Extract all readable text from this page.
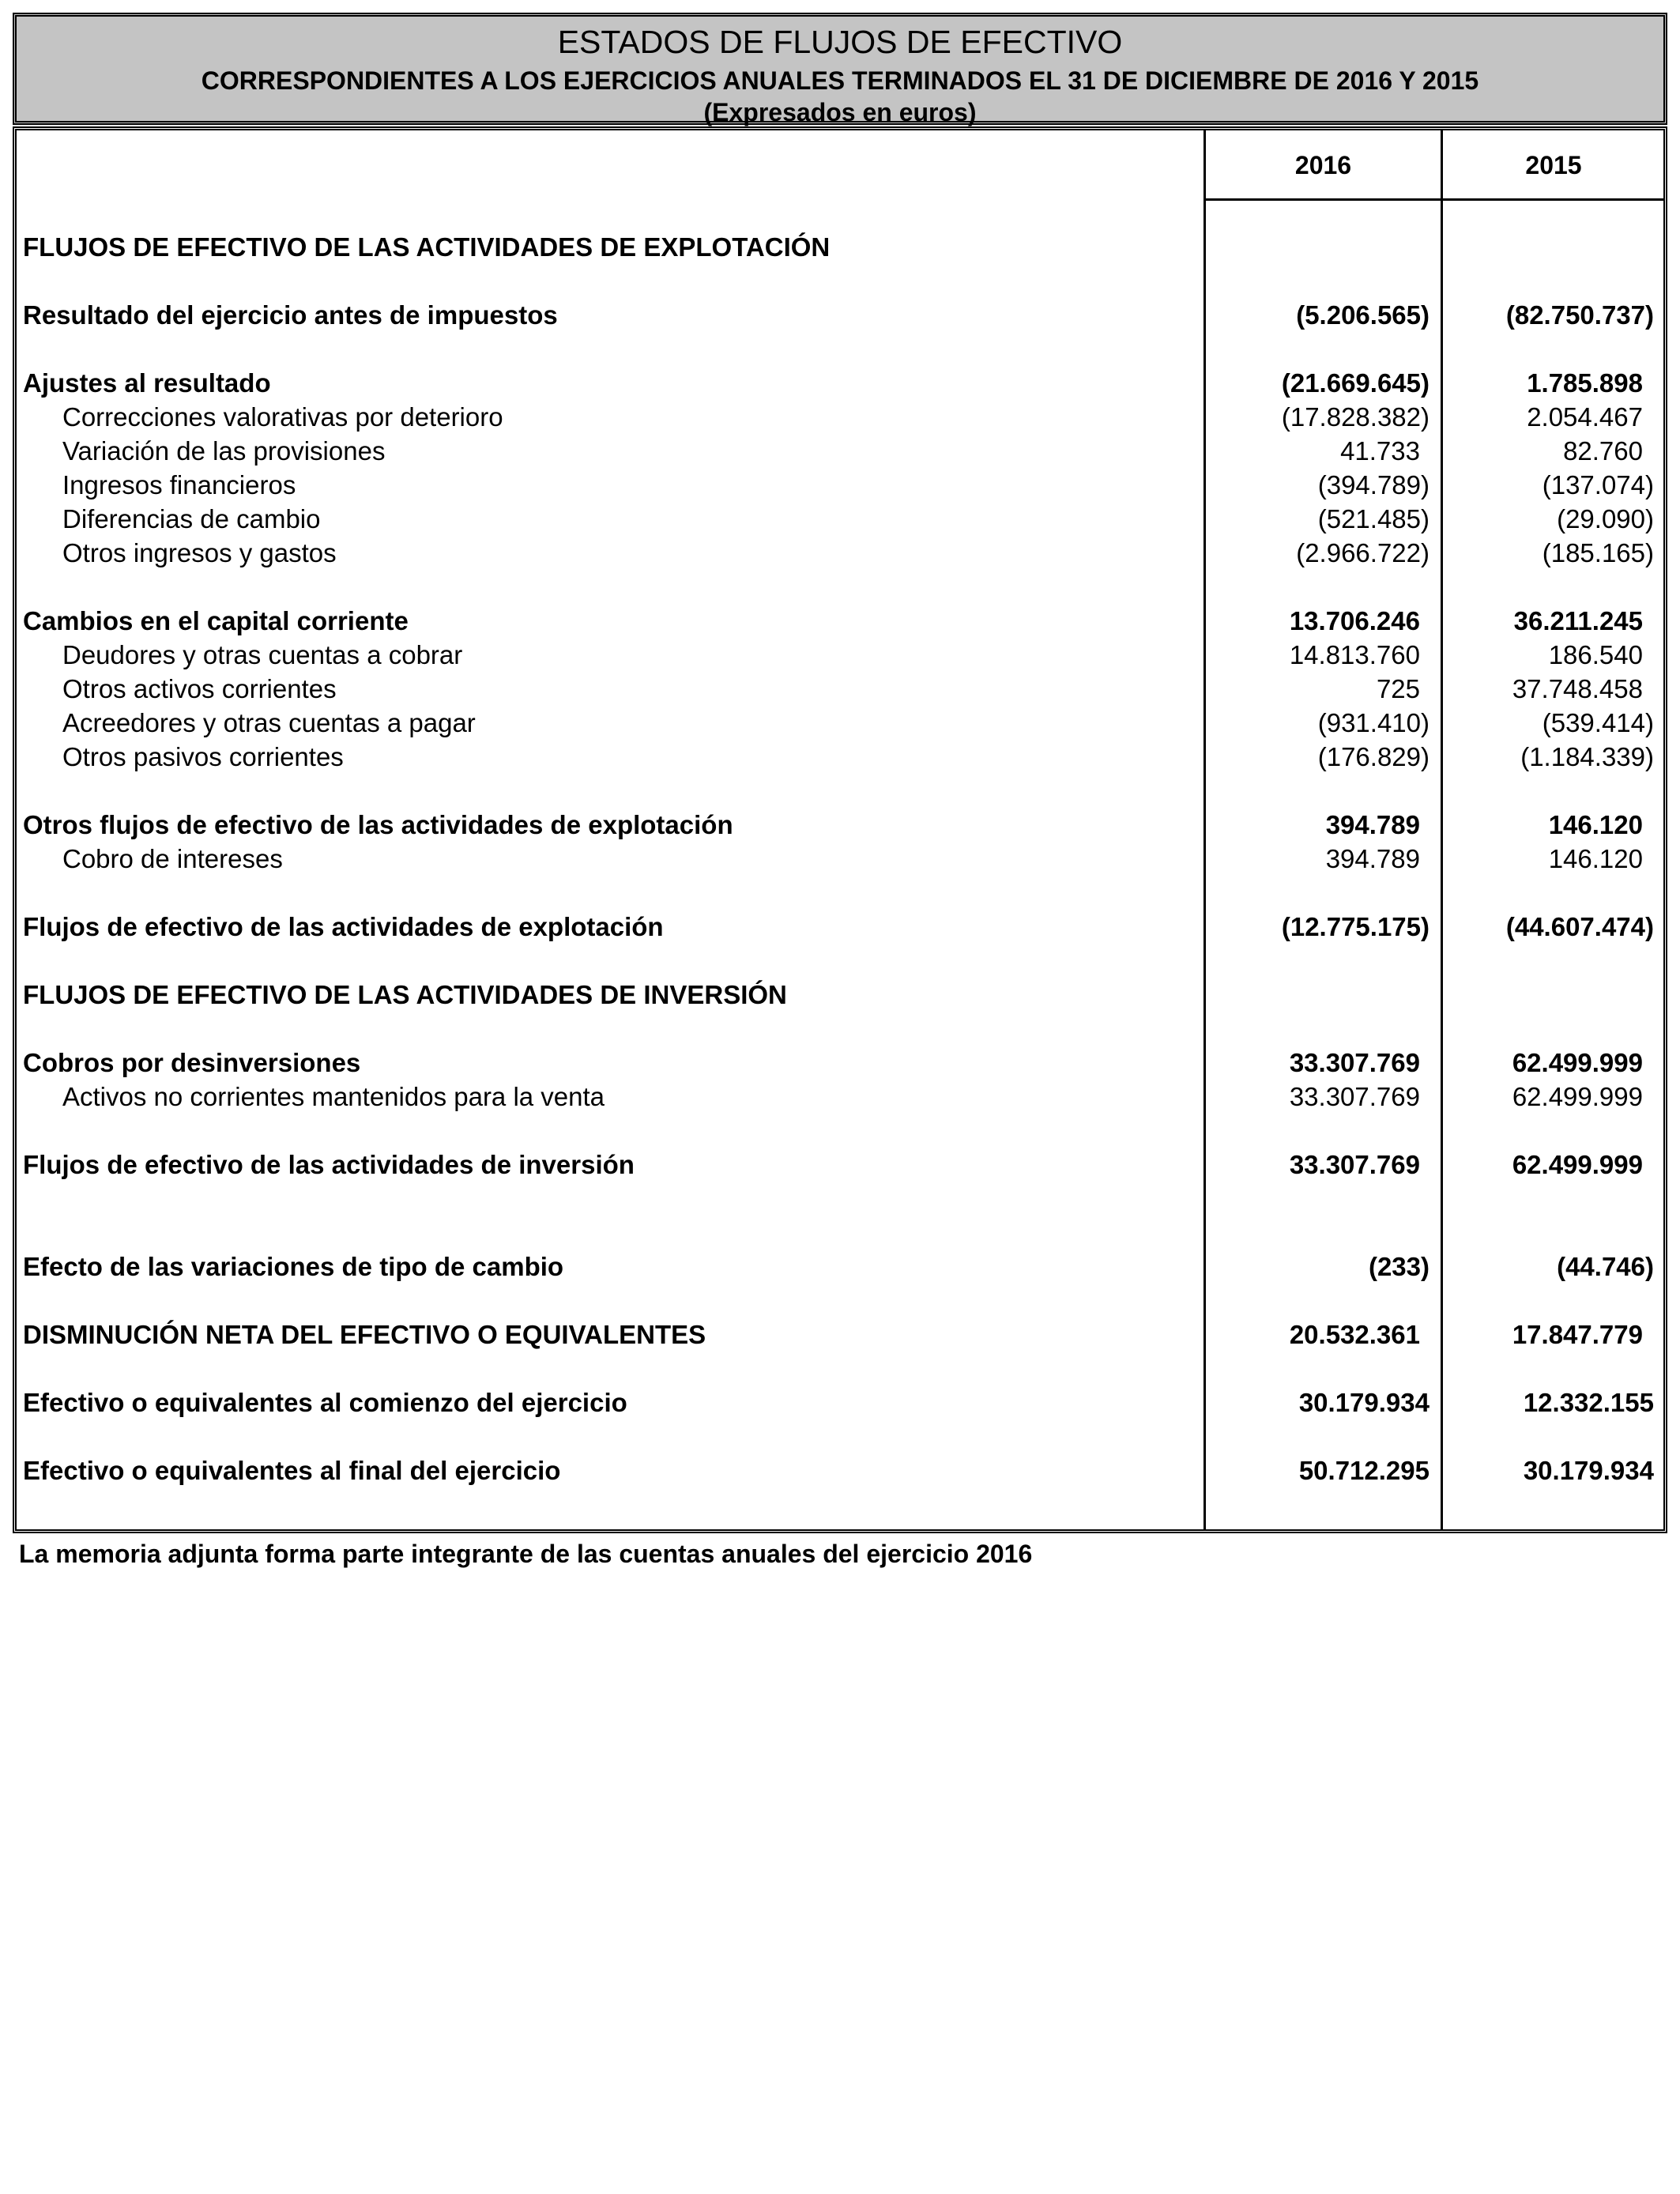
ESTADOS DE FLUJOS DE EFECTIVO
CORRESPONDIENTES A LOS EJERCICIOS ANUALES TERMINADOS EL 31 DE DICIEMBRE DE 2016 Y 2015
(Expresados en euros)
2016	2015
FLUJOS DE EFECTIVO DE LAS ACTIVIDADES DE EXPLOTACIÓN
Resultado del ejercicio antes de impuestos	(5.206.565)	(82.750.737)
Ajustes al resultado	(21.669.645)	1.785.898
Correcciones valorativas por deterioro	(17.828.382)	2.054.467
Variación de las provisiones	41.733	82.760
Ingresos financieros	(394.789)	(137.074)
Diferencias de cambio	(521.485)	(29.090)
Otros ingresos y gastos	(2.966.722)	(185.165)
Cambios en el capital corriente	13.706.246	36.211.245
Deudores y otras cuentas a cobrar	14.813.760	186.540
Otros activos corrientes	725	37.748.458
Acreedores y otras cuentas a pagar	(931.410)	(539.414)
Otros pasivos corrientes	(176.829)	(1.184.339)
Otros flujos de efectivo de las actividades de explotación	394.789	146.120
Cobro de intereses	394.789	146.120
Flujos de efectivo de las actividades de explotación	(12.775.175)	(44.607.474)
FLUJOS DE EFECTIVO DE LAS ACTIVIDADES DE INVERSIÓN
Cobros por desinversiones	33.307.769	62.499.999
Activos no corrientes mantenidos para la venta	33.307.769	62.499.999
Flujos de efectivo de las actividades de inversión	33.307.769	62.499.999
Efecto de las variaciones de tipo de cambio	(233)	(44.746)
DISMINUCIÓN NETA DEL EFECTIVO O EQUIVALENTES	20.532.361	17.847.779
Efectivo o equivalentes al comienzo del ejercicio	30.179.934	12.332.155
Efectivo o equivalentes al final del ejercicio	50.712.295	30.179.934
La memoria adjunta forma parte integrante de las cuentas anuales del ejercicio 2016
